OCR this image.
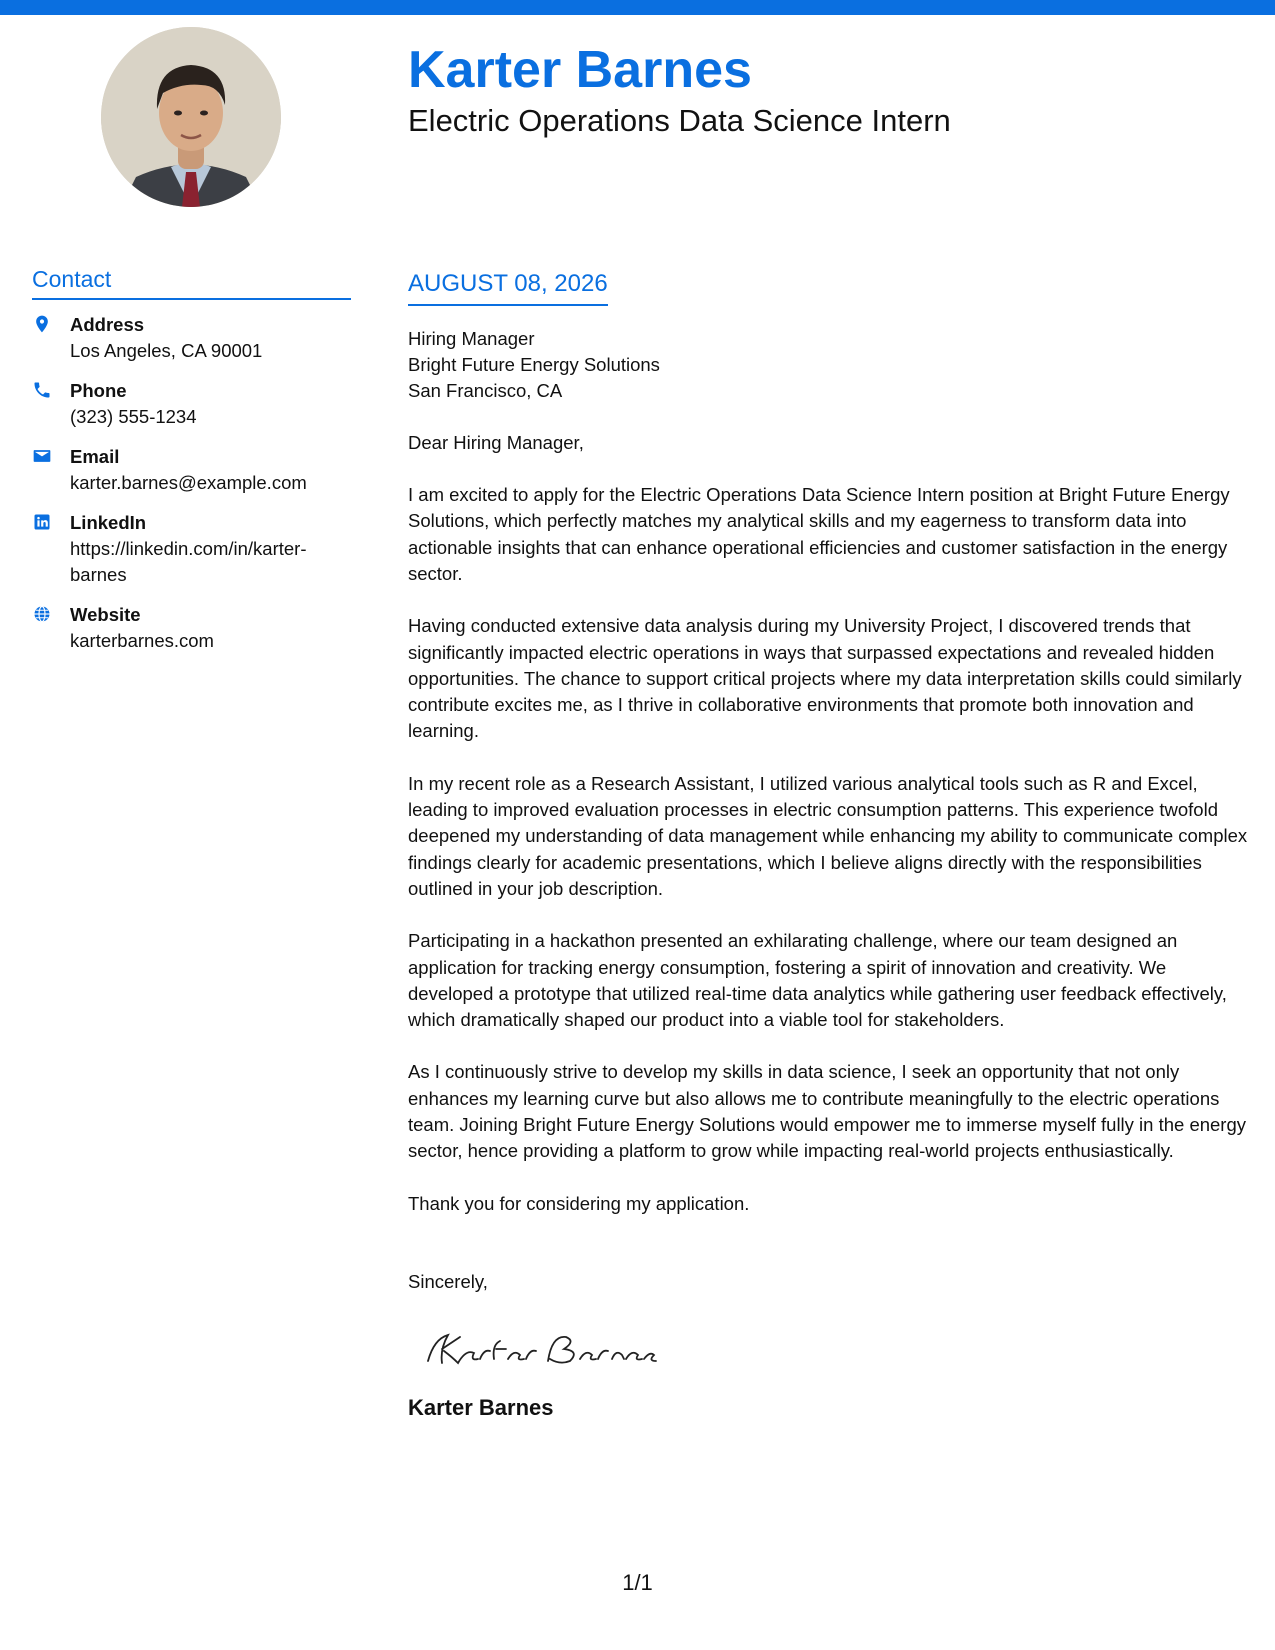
Karter Barnes
Electric Operations Data Science Intern
Contact
Address
Los Angeles, CA 90001
Phone
(323) 555-1234
Email
karter.barnes@example.com
LinkedIn
https://linkedin.com/in/karter-barnes
Website
karterbarnes.com
AUGUST 08, 2026
Hiring Manager
Bright Future Energy Solutions
San Francisco, CA

Dear Hiring Manager,

I am excited to apply for the Electric Operations Data Science Intern position at Bright Future Energy Solutions, which perfectly matches my analytical skills and my eagerness to transform data into actionable insights that can enhance operational efficiencies and customer satisfaction in the energy sector.

Having conducted extensive data analysis during my University Project, I discovered trends that significantly impacted electric operations in ways that surpassed expectations and revealed hidden opportunities. The chance to support critical projects where my data interpretation skills could similarly contribute excites me, as I thrive in collaborative environments that promote both innovation and learning.

In my recent role as a Research Assistant, I utilized various analytical tools such as R and Excel, leading to improved evaluation processes in electric consumption patterns. This experience twofold deepened my understanding of data management while enhancing my ability to communicate complex findings clearly for academic presentations, which I believe aligns directly with the responsibilities outlined in your job description.

Participating in a hackathon presented an exhilarating challenge, where our team designed an application for tracking energy consumption, fostering a spirit of innovation and creativity. We developed a prototype that utilized real-time data analytics while gathering user feedback effectively, which dramatically shaped our product into a viable tool for stakeholders.

As I continuously strive to develop my skills in data science, I seek an opportunity that not only enhances my learning curve but also allows me to contribute meaningfully to the electric operations team. Joining Bright Future Energy Solutions would empower me to immerse myself fully in the energy sector, hence providing a platform to grow while impacting real-world projects enthusiastically.

Thank you for considering my application.

Sincerely,
Karter Barnes
1/1
